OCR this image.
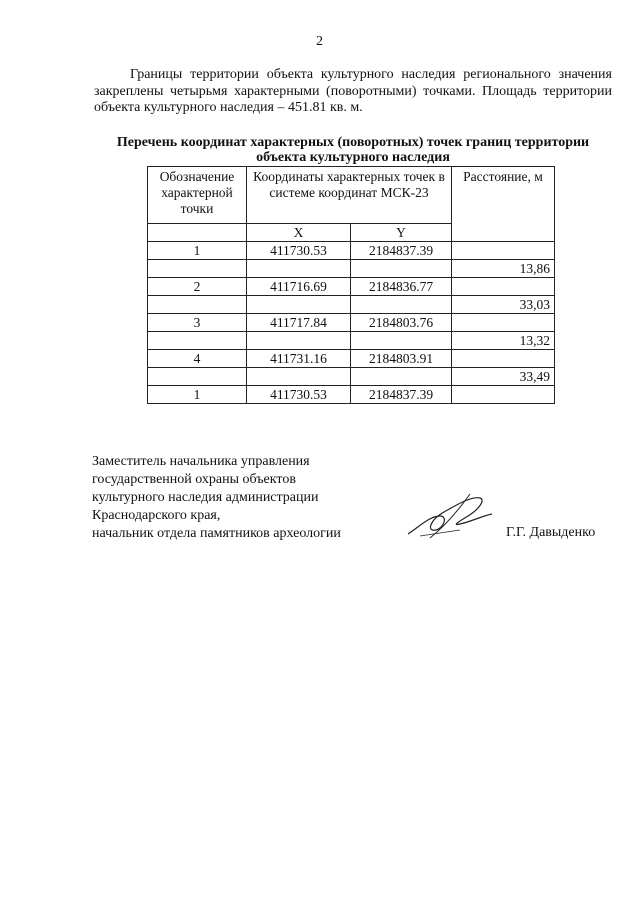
2

Границы территории объекта культурного наследия регионального значения закреплены четырьмя характерными (поворотными) точками. Площадь территории объекта культурного наследия – 451.81 кв. м.

Перечень координат характерных (поворотных) точек границ территории объекта культурного наследия
Обозначение характерной точки	Координаты характерных точек в системе координат МСК-23		Расстояние, м

	X	Y	
1	411730.53	2184837.39	
			13,86
2	411716.69	2184836.77	
			33,03
3	411717.84	2184803.76	
			13,32
4	411731.16	2184803.91	
			33,49
1	411730.53	2184837.39	
Заместитель начальника управления
государственной охраны объектов
культурного наследия администрации
Краснодарского края,
начальник отдела памятников археологии	Г.Г. Давыденко
